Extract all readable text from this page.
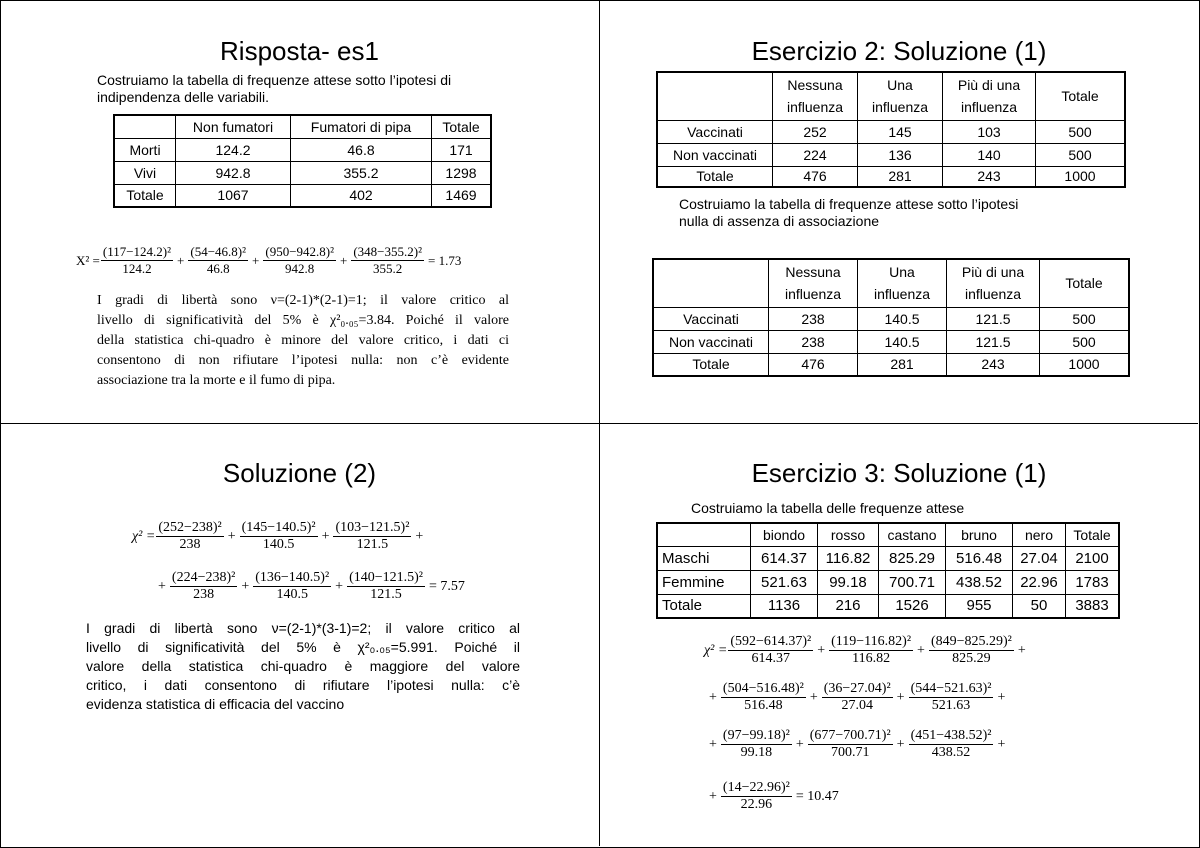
Risposta- es1
Costruiamo la tabella di frequenze attese sotto l’ipotesi di
indipendenza delle variabili.
	Non fumatori	Fumatori di pipa	Totale
Morti	124.2	46.8	171
Vivi	942.8	355.2	1298
Totale	1067	402	1469
$X^2 = \frac{\text{(117−124.2)²}}{124.2} + \frac{\text{(54−46.8)²}}{46.8} + \frac{\text{(950−942.8)²}}{942.8} + \frac{\text{(348−355.2)²}}{355.2} = 1.73$
I gradi di libertà sono ν=(2-1)*(2-1)=1; il valore critico al
livello di significatività del 5% è χ²₀.₀₅=3.84. Poiché il valore
della statistica chi-quadro è minore del valore critico, i dati ci
consentono di non rifiutare l’ipotesi nulla: non c’è evidente
associazione tra la morte e il fumo di pipa.
Esercizio 2: Soluzione (1)
	Nessuna influenza	Una influenza	Più di una influenza	Totale
Vaccinati	252	145	103	500
Non vaccinati	224	136	140	500
Totale	476	281	243	1000
Costruiamo la tabella di frequenze attese sotto l’ipotesi
nulla di assenza di associazione
	Nessuna influenza	Una influenza	Più di una influenza	Totale
Vaccinati	238	140.5	121.5	500
Non vaccinati	238	140.5	121.5	500
Totale	476	281	243	1000
Soluzione (2)
$\chi^2 = \frac{\text{(252−238)²}}{238} + \frac{\text{(145−140.5)²}}{140.5} + \frac{\text{(103−121.5)²}}{121.5}$ +
+ $\frac{\text{(224−238)²}}{238} + \frac{\text{(136−140.5)²}}{140.5} + \frac{\text{(140−121.5)²}}{121.5} = 7.57$
I gradi di libertà sono ν=(2-1)*(3-1)=2; il valore critico al
livello di significatività del 5% è χ²₀.₀₅=5.991. Poiché il
valore della statistica chi-quadro è maggiore del valore
critico, i dati consentono di rifiutare l’ipotesi nulla: c’è
evidenza statistica di efficacia del vaccino
Esercizio 3: Soluzione (1)
Costruiamo la tabella delle frequenze attese
	biondo	rosso	castano	bruno	nero	Totale
Maschi	614.37	116.82	825.29	516.48	27.04	2100
Femmine	521.63	99.18	700.71	438.52	22.96	1783
Totale	1136	216	1526	955	50	3883
$\chi^2 = \frac{\text{(592−614.37)²}}{614.37} + \frac{\text{(119−116.82)²}}{116.82} + \frac{\text{(849−825.29)²}}{825.29}$ +
+ $\frac{\text{(504−516.48)²}}{516.48} + \frac{\text{(36−27.04)²}}{27.04} + \frac{\text{(544−521.63)²}}{521.63}$ +
+ $\frac{\text{(97−99.18)²}}{99.18} + \frac{\text{(677−700.71)²}}{700.71} + \frac{\text{(451−438.52)²}}{438.52}$ +
+ $\frac{\text{(14−22.96)²}}{22.96} = 10.47$
